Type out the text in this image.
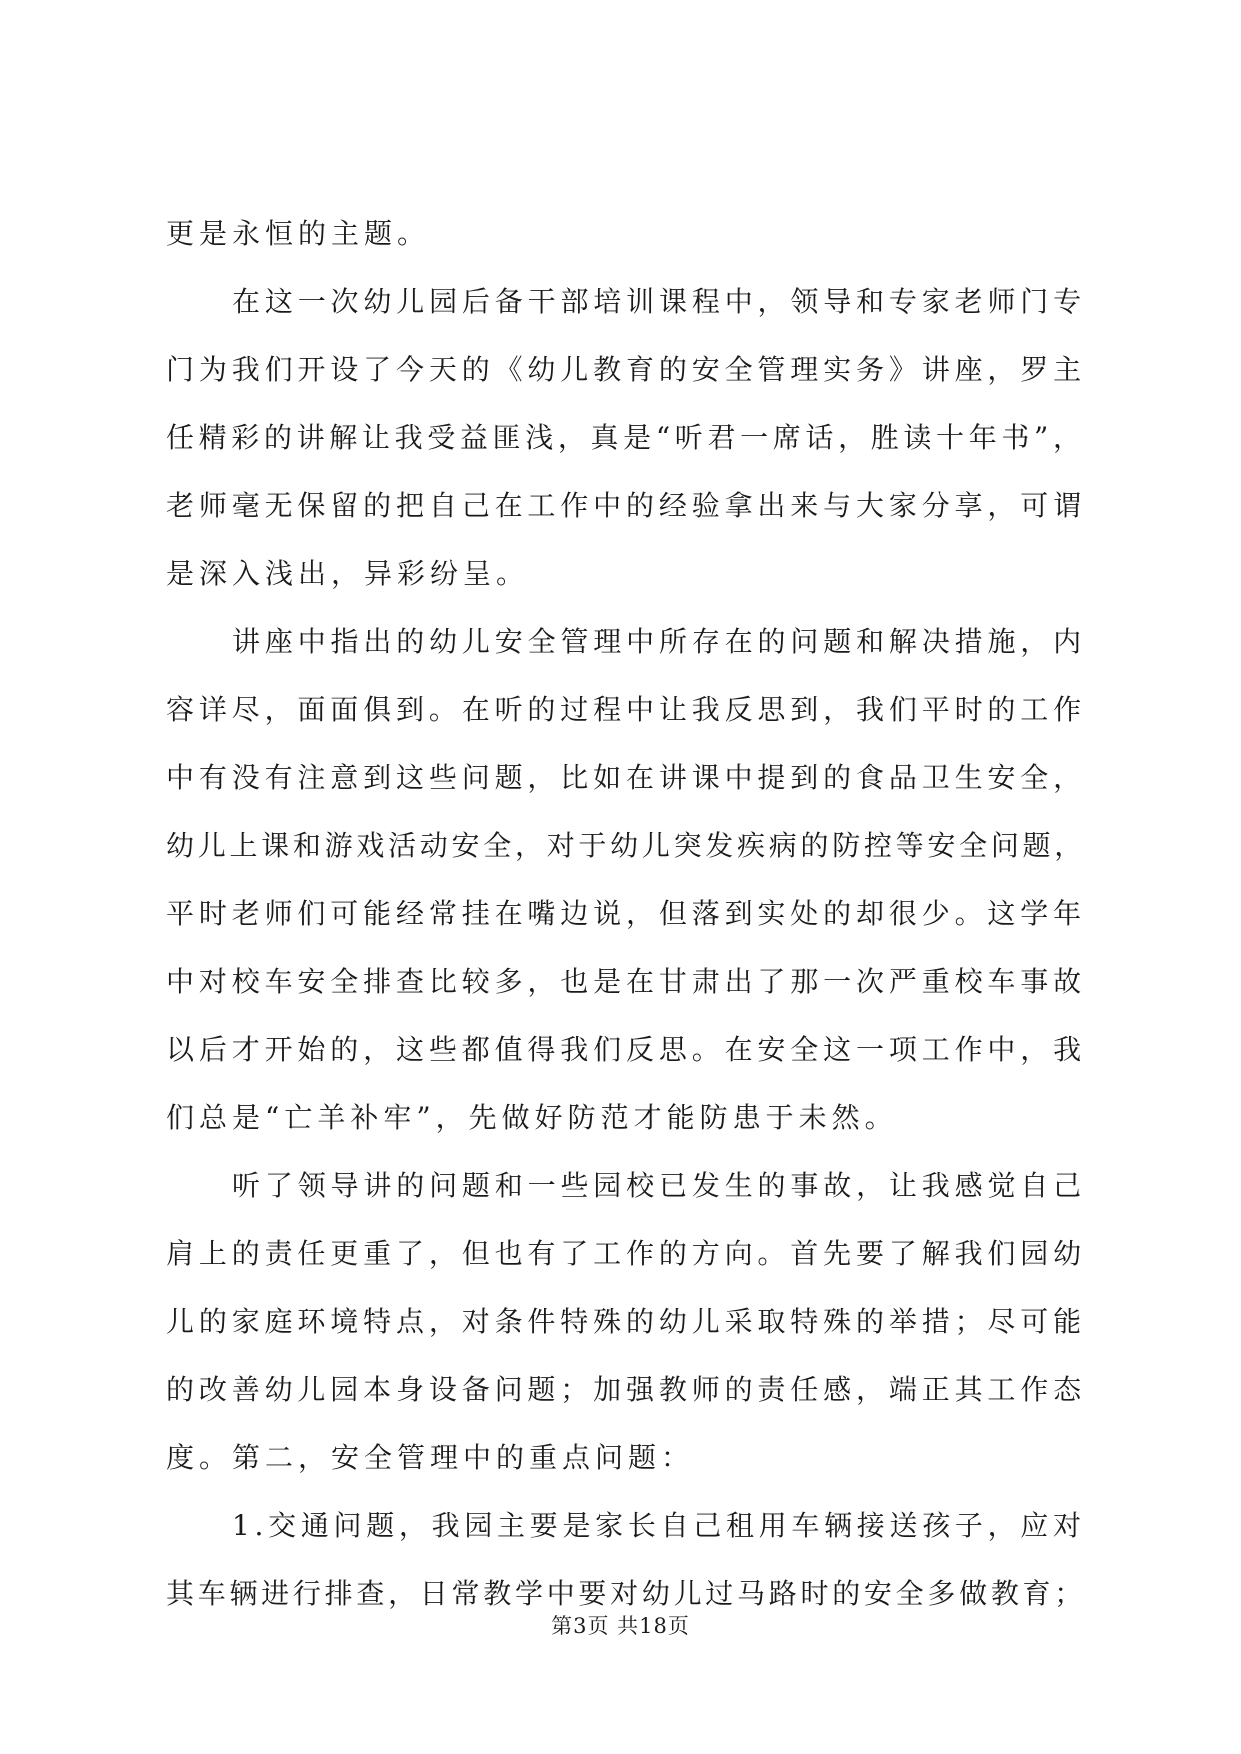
更是永恒的主题。
在这一次幼儿园后备干部培训课程中，领导和专家老师门专
门为我们开设了今天的《幼儿教育的安全管理实务》讲座，罗主
任精彩的讲解让我受益匪浅，真是“听君一席话，胜读十年书”，
老师毫无保留的把自己在工作中的经验拿出来与大家分享，可谓
是深入浅出，异彩纷呈。
讲座中指出的幼儿安全管理中所存在的问题和解决措施，内
容详尽，面面俱到。在听的过程中让我反思到，我们平时的工作
中有没有注意到这些问题，比如在讲课中提到的食品卫生安全，
幼儿上课和游戏活动安全，对于幼儿突发疾病的防控等安全问题，
平时老师们可能经常挂在嘴边说，但落到实处的却很少。这学年
中对校车安全排查比较多，也是在甘肃出了那一次严重校车事故
以后才开始的，这些都值得我们反思。在安全这一项工作中，我
们总是“亡羊补牢”，先做好防范才能防患于未然。
听了领导讲的问题和一些园校已发生的事故，让我感觉自己
肩上的责任更重了，但也有了工作的方向。首先要了解我们园幼
儿的家庭环境特点，对条件特殊的幼儿采取特殊的举措；尽可能
的改善幼儿园本身设备问题；加强教师的责任感，端正其工作态
度。第二，安全管理中的重点问题：
1.交通问题，我园主要是家长自己租用车辆接送孩子，应对
其车辆进行排查，日常教学中要对幼儿过马路时的安全多做教育；
第3页 共18页
